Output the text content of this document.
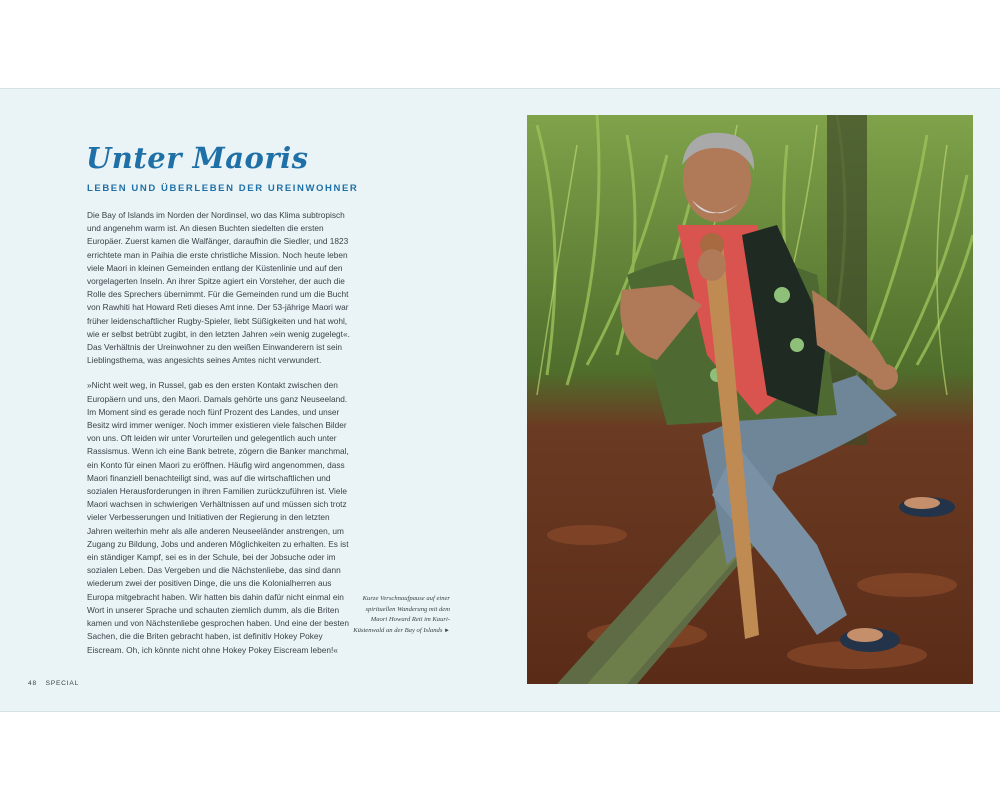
Unter Maoris
LEBEN UND ÜBERLEBEN DER UREINWOHNER

Die Bay of Islands im Norden der Nordinsel, wo das Klima subtropisch und angenehm warm ist. An diesen Buchten siedelten die ersten Europäer. Zuerst kamen die Walfänger, daraufhin die Siedler, und 1823 errichtete man in Paihia die erste christliche Mission. Noch heute leben viele Maori in kleinen Gemeinden entlang der Küstenlinie und auf den vorgelagerten Inseln. An ihrer Spitze agiert ein Vorsteher, der auch die Rolle des Sprechers übernimmt. Für die Gemeinden rund um die Bucht von Rawhiti hat Howard Reti dieses Amt inne. Der 53-jährige Maori war früher leidenschaftlicher Rugby-Spieler, liebt Süßigkeiten und hat wohl, wie er selbst betrübt zugibt, in den letzten Jahren »ein wenig zugelegt«. Das Verhältnis der Ureinwohner zu den weißen Einwanderern ist sein Lieblingsthema, was angesichts seines Amtes nicht verwundert.

»Nicht weit weg, in Russel, gab es den ersten Kontakt zwischen den Europäern und uns, den Maori. Damals gehörte uns ganz Neuseeland. Im Moment sind es gerade noch fünf Prozent des Landes, und unser Besitz wird immer weniger. Noch immer existieren viele falschen Bilder von uns. Oft leiden wir unter Vorurteilen und gelegentlich auch unter Rassismus. Wenn ich eine Bank betrete, zögern die Banker manchmal, ein Konto für einen Maori zu eröffnen. Häufig wird angenommen, dass Maori finanziell benachteiligt sind, was auf die wirtschaftlichen und sozialen Herausforderungen in ihren Familien zurückzuführen ist. Viele Maori wachsen in schwierigen Verhältnissen auf und müssen sich trotz vieler Verbesserungen und Initiativen der Regierung in den letzten Jahren weiterhin mehr als alle anderen Neuseeländer anstrengen, um Zugang zu Bildung, Jobs und anderen Möglichkeiten zu erhalten. Es ist ein ständiger Kampf, sei es in der Schule, bei der Jobsuche oder im sozialen Leben. Das Vergeben und die Nächstenliebe, das sind dann wiederum zwei der positiven Dinge, die uns die Kolonialherren aus Europa mitgebracht haben. Wir hatten bis dahin dafür nicht einmal ein Wort in unserer Sprache und schauten ziemlich dumm, als die Briten kamen und von Nächstenliebe gesprochen haben. Und eine der besten Sachen, die die Briten gebracht haben, ist definitiv Hokey Pokey Eiscream. Oh, ich könnte nicht ohne Hokey Pokey Eiscream leben!«

Kurze Verschnaufpause auf einer spirituellen Wanderung mit dem Maori Howard Reti im Kauri-Küstenwald an der Bay of Islands ►
48 SPECIAL
